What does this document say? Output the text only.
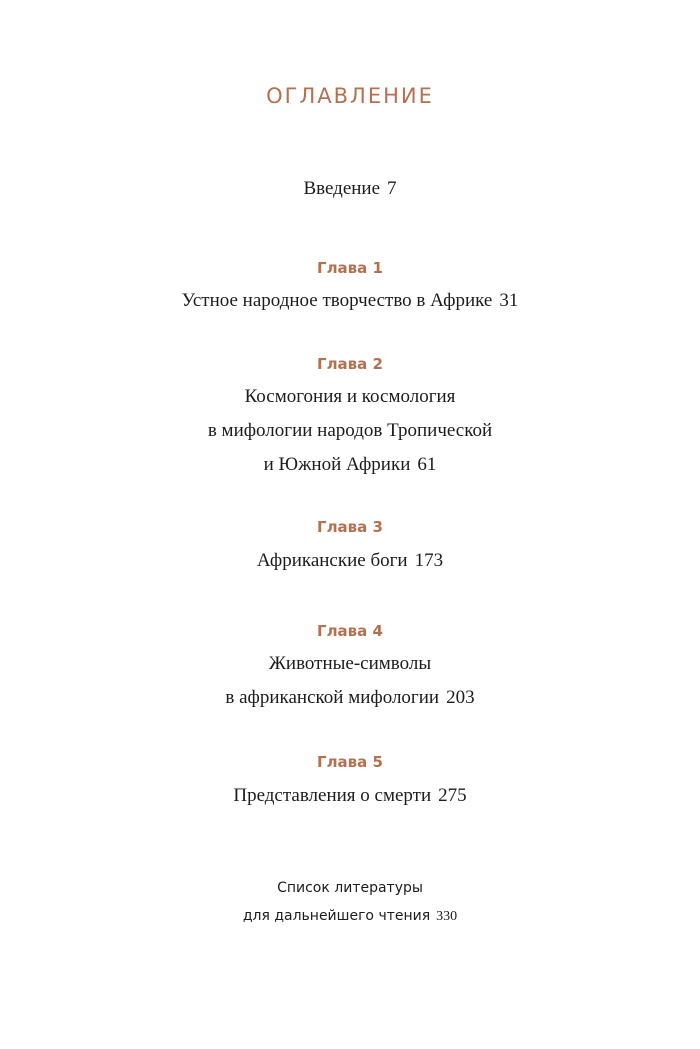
ОГЛАВЛЕНИЕ
Введение 7
Глава 1
Устное народное творчество в Африке 31
Глава 2
Космогония и космология
в мифологии народов Тропической
и Южной Африки 61
Глава 3
Африканские боги 173
Глава 4
Животные-символы
в африканской мифологии 203
Глава 5
Представления о смерти 275
Список литературы
для дальнейшего чтения 330
